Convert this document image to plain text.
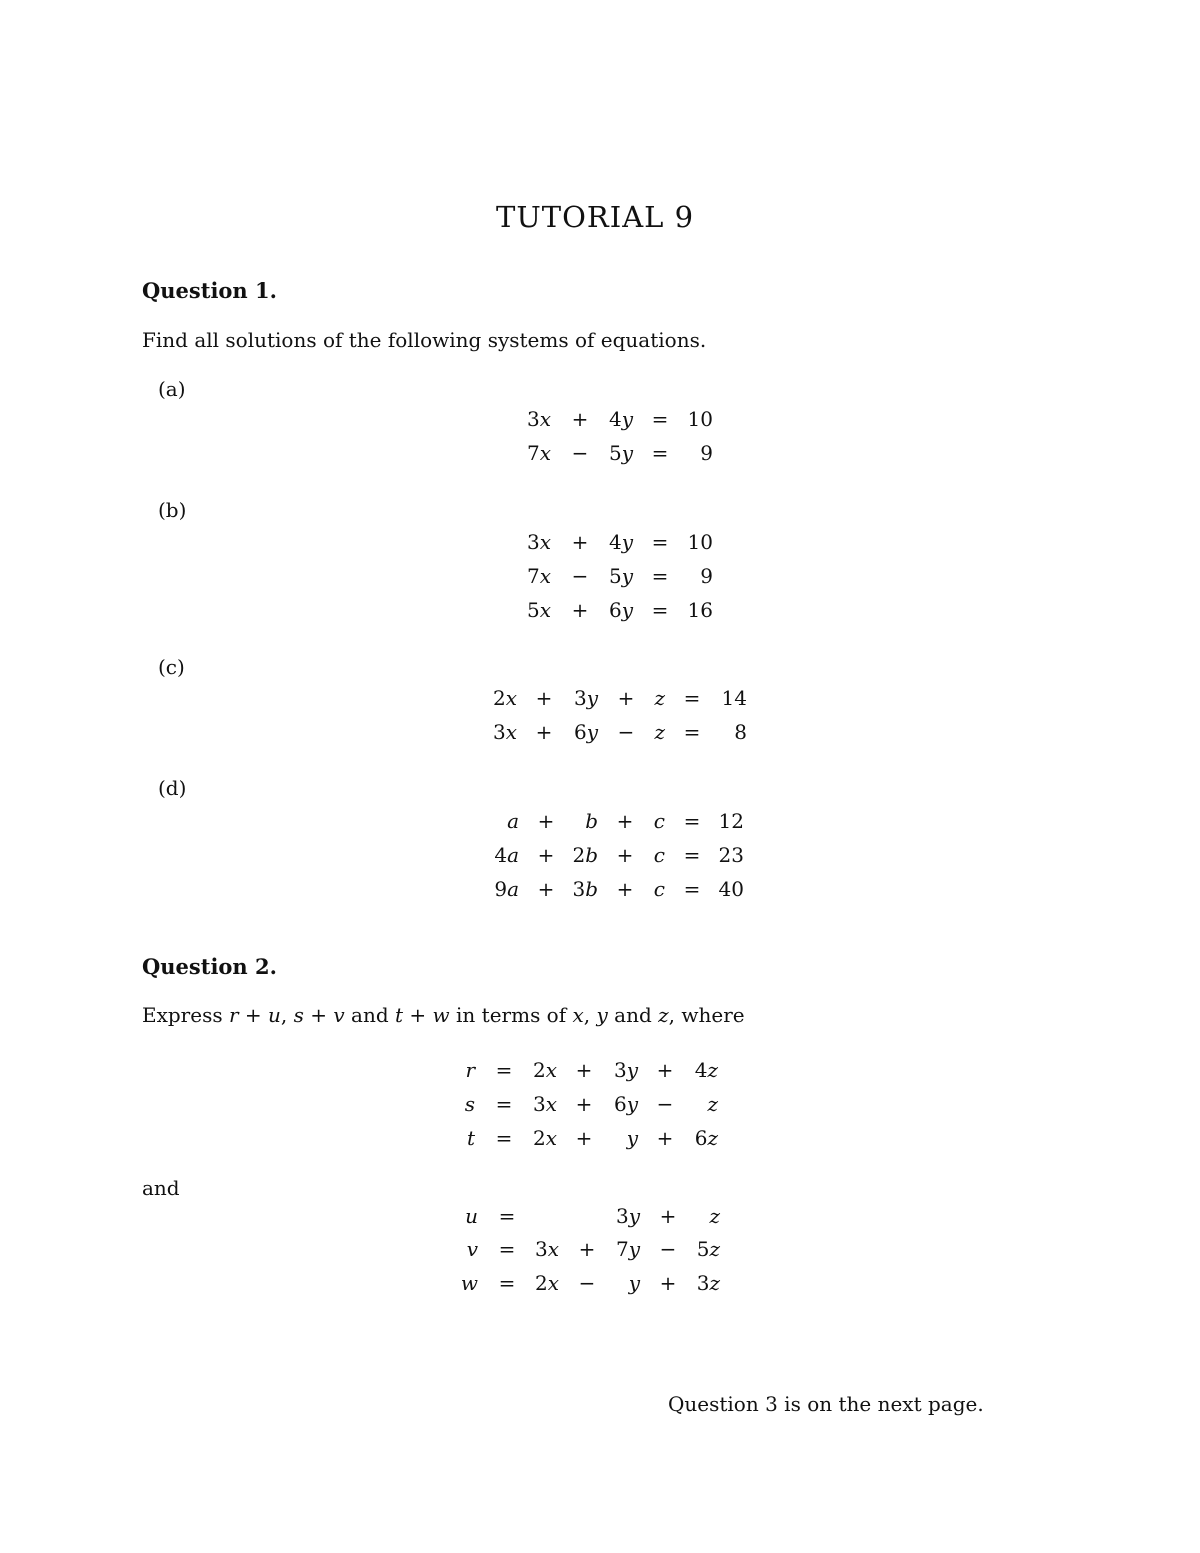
TUTORIAL 9
Question 1.
Find all solutions of the following systems of equations.
(a)
(b)
(c)
(d)
Question 2.
Express r + u, s + v and t + w in terms of x, y and z, where
and
Question 3 is on the next page.
3x + 4y = 10
7x − 5y = 9
3x + 4y = 10
7x − 5y = 9
5x + 6y = 16
2x + 3y + z = 14
3x + 6y − z = 8
a + b + c = 12
4a + 2b + c = 23
9a + 3b + c = 40
r = 2x + 3y + 4z
s = 3x + 6y − z
t = 2x + y + 6z
u =	3y + z
v = 3x + 7y − 5z
w = 2x − y + 3z
